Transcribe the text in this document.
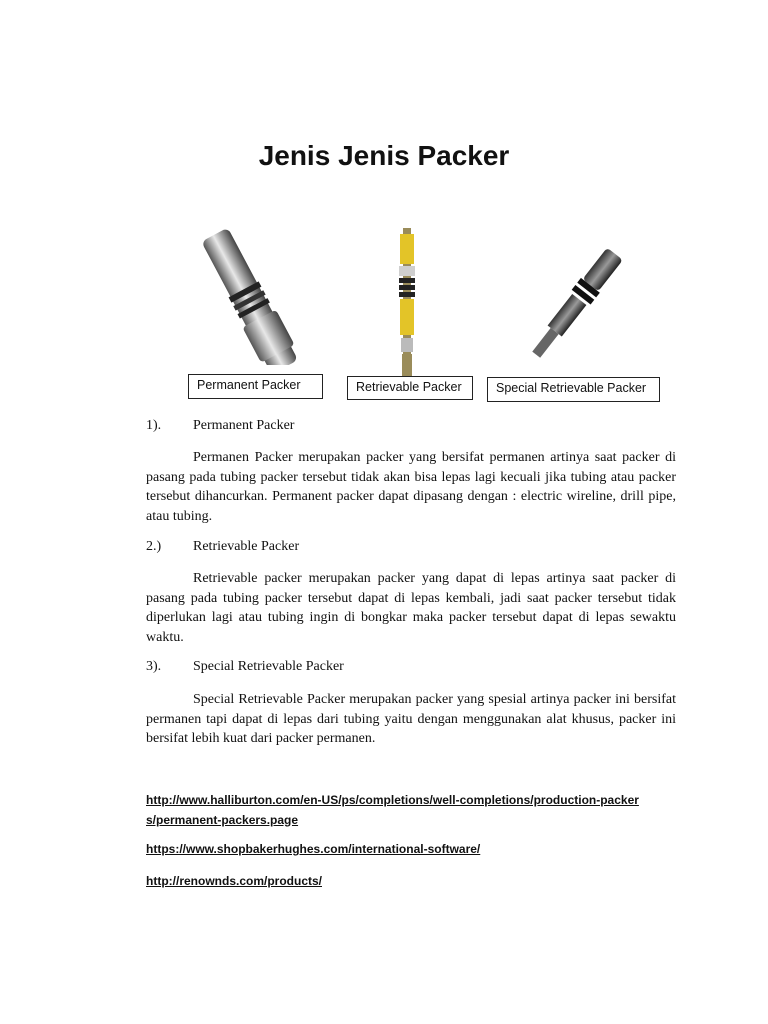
Jenis Jenis Packer
Permanent Packer	Retrievable Packer	Special Retrievable Packer
1). Permanent Packer

Permanen Packer merupakan packer yang bersifat permanen artinya saat packer di pasang pada tubing packer tersebut tidak akan bisa lepas lagi kecuali jika tubing atau packer tersebut dihancurkan. Permanent packer dapat dipasang dengan : electric wireline, drill pipe, atau tubing.

2.) Retrievable Packer

Retrievable packer merupakan packer yang dapat di lepas artinya saat packer di pasang pada tubing packer tersebut dapat di lepas kembali, jadi saat packer tersebut tidak diperlukan lagi atau tubing ingin di bongkar maka packer tersebut dapat di lepas sewaktu waktu.

3). Special Retrievable Packer

Special Retrievable Packer merupakan packer yang spesial artinya packer ini bersifat permanen tapi dapat di lepas dari tubing yaitu dengan menggunakan alat khusus, packer ini bersifat lebih kuat dari packer permanen.

http://www.halliburton.com/en-US/ps/completions/well-completions/production-packers/permanent-packers.page
https://www.shopbakerhughes.com/international-software/
http://renownds.com/products/
